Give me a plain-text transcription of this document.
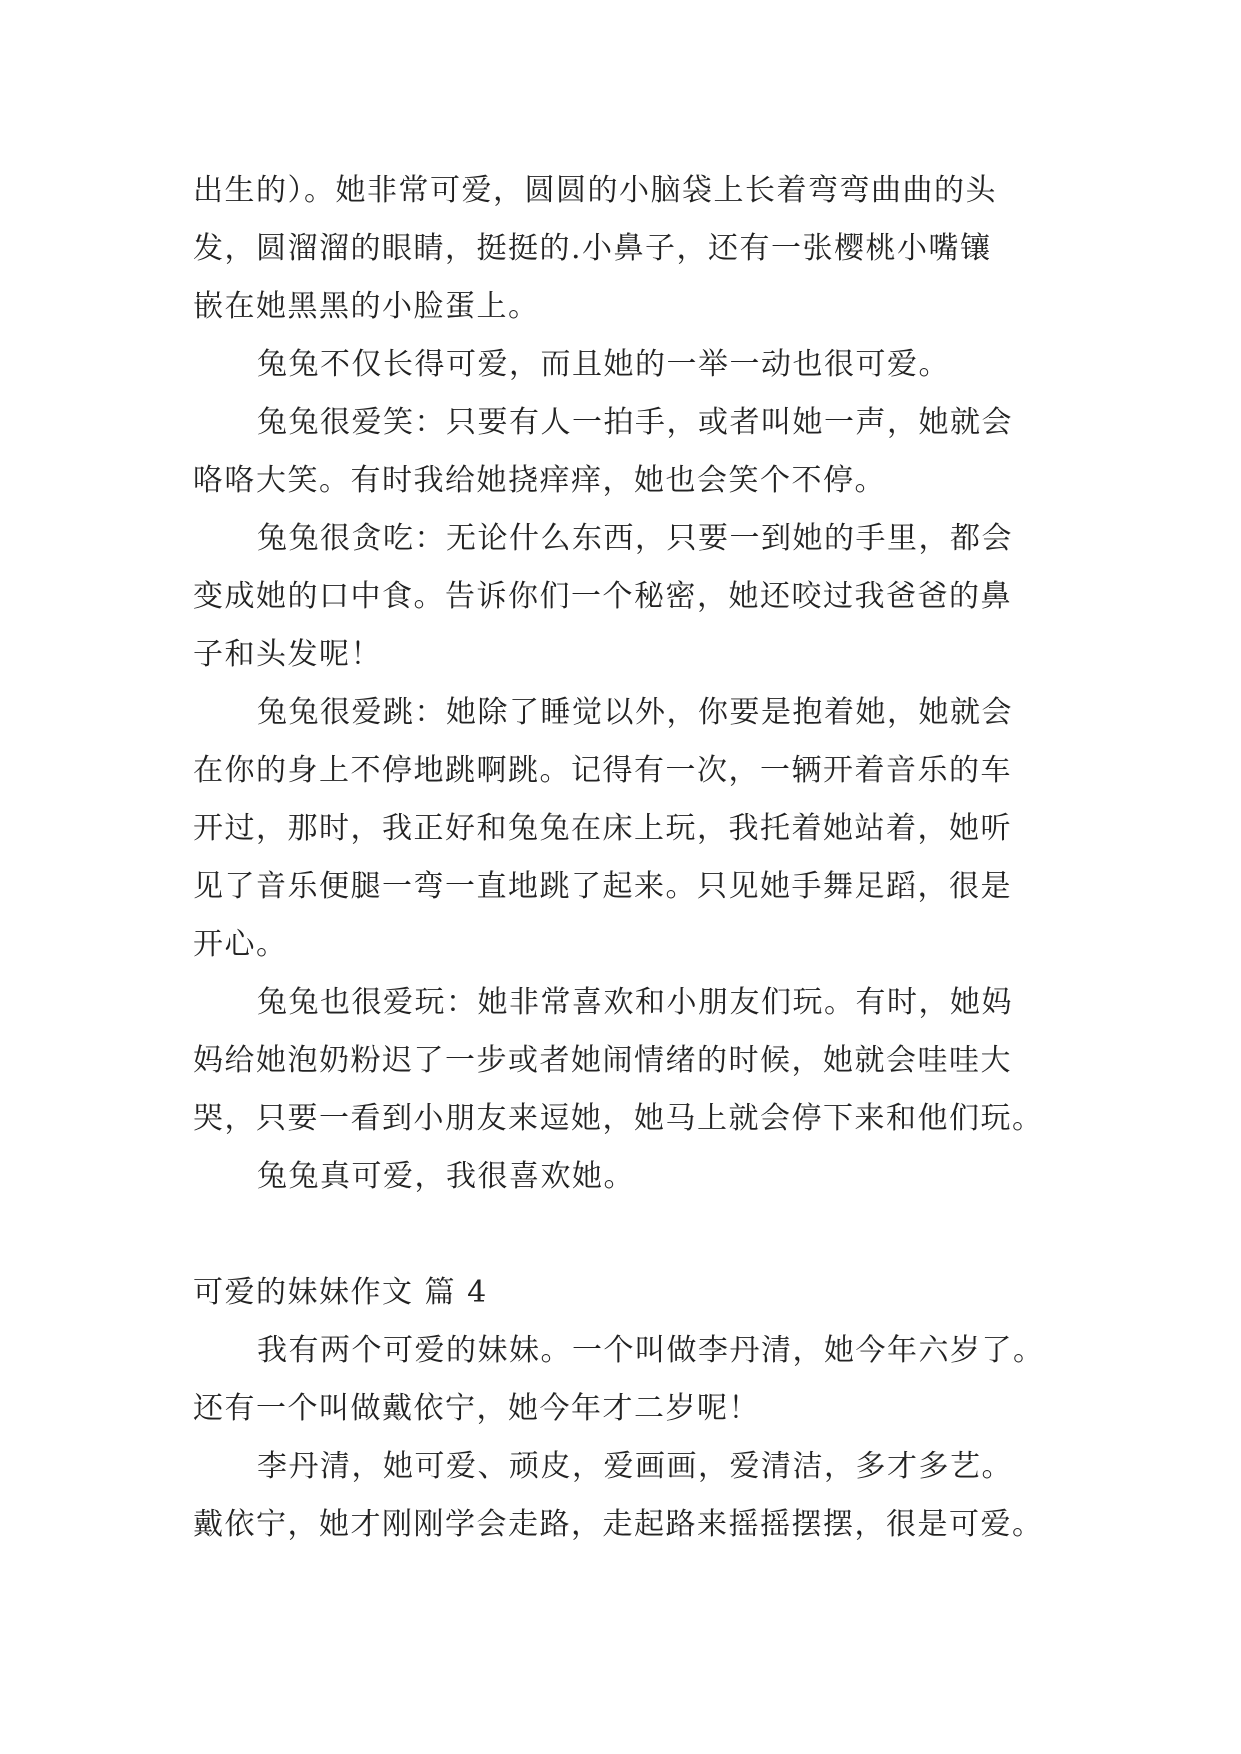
出生的）。她非常可爱，圆圆的小脑袋上长着弯弯曲曲的头
发，圆溜溜的眼睛，挺挺的.小鼻子，还有一张樱桃小嘴镶
嵌在她黑黑的小脸蛋上。
兔兔不仅长得可爱，而且她的一举一动也很可爱。
兔兔很爱笑：只要有人一拍手，或者叫她一声，她就会
咯咯大笑。有时我给她挠痒痒，她也会笑个不停。
兔兔很贪吃：无论什么东西，只要一到她的手里，都会
变成她的口中食。告诉你们一个秘密，她还咬过我爸爸的鼻
子和头发呢！
兔兔很爱跳：她除了睡觉以外，你要是抱着她，她就会
在你的身上不停地跳啊跳。记得有一次，一辆开着音乐的车
开过，那时，我正好和兔兔在床上玩，我托着她站着，她听
见了音乐便腿一弯一直地跳了起来。只见她手舞足蹈，很是
开心。
兔兔也很爱玩：她非常喜欢和小朋友们玩。有时，她妈
妈给她泡奶粉迟了一步或者她闹情绪的时候，她就会哇哇大
哭，只要一看到小朋友来逗她，她马上就会停下来和他们玩。
兔兔真可爱，我很喜欢她。
可爱的妹妹作文 篇 4
我有两个可爱的妹妹。一个叫做李丹清，她今年六岁了。
还有一个叫做戴依宁，她今年才二岁呢！
李丹清，她可爱、顽皮，爱画画，爱清洁，多才多艺。
戴依宁，她才刚刚学会走路，走起路来摇摇摆摆，很是可爱。
